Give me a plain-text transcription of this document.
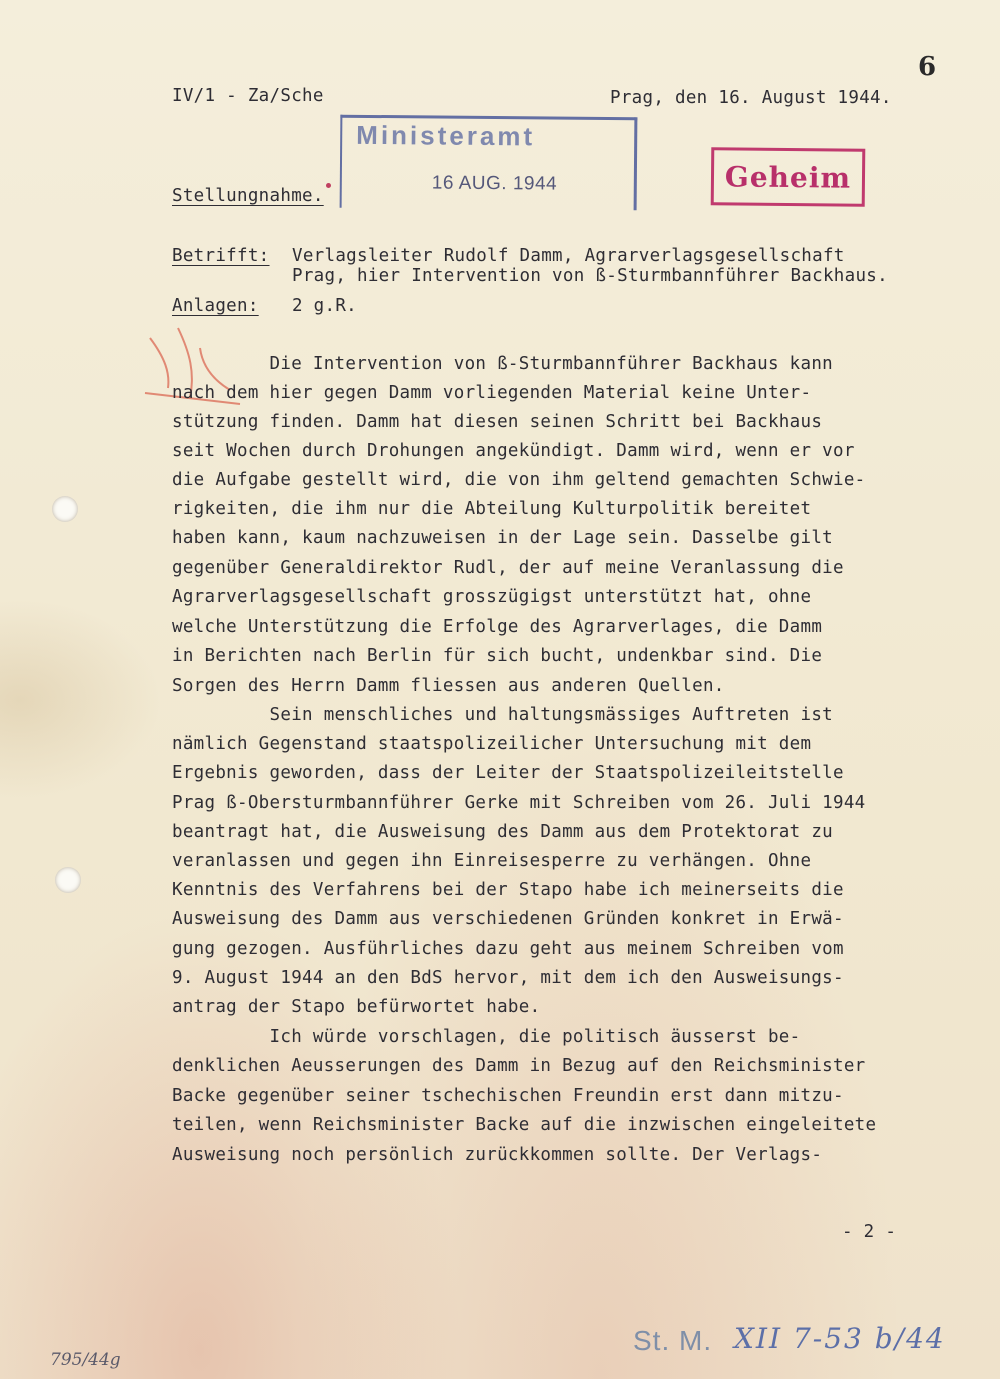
6
IV/1 - Za/Sche	Prag, den 16. August 1944.
Ministeramt
16 AUG. 1944	Geheim
Stellungnahme.
Betrifft: Verlagsleiter Rudolf Damm, Agrarverlagsgesellschaft
Prag, hier Intervention von ß-Sturmbannführer Backhaus.
Anlagen: 2 g.R.
Die Intervention von ß-Sturmbannführer Backhaus kann
nach dem hier gegen Damm vorliegenden Material keine Unter-
stützung finden. Damm hat diesen seinen Schritt bei Backhaus
seit Wochen durch Drohungen angekündigt. Damm wird, wenn er vor
die Aufgabe gestellt wird, die von ihm geltend gemachten Schwie-
rigkeiten, die ihm nur die Abteilung Kulturpolitik bereitet
haben kann, kaum nachzuweisen in der Lage sein. Dasselbe gilt
gegenüber Generaldirektor Rudl, der auf meine Veranlassung die
Agrarverlagsgesellschaft grosszügigst unterstützt hat, ohne
welche Unterstützung die Erfolge des Agrarverlages, die Damm
in Berichten nach Berlin für sich bucht, undenkbar sind. Die
Sorgen des Herrn Damm fliessen aus anderen Quellen.
Sein menschliches und haltungsmässiges Auftreten ist
nämlich Gegenstand staatspolizeilicher Untersuchung mit dem
Ergebnis geworden, dass der Leiter der Staatspolizeileitstelle
Prag ß-Obersturmbannführer Gerke mit Schreiben vom 26. Juli 1944
beantragt hat, die Ausweisung des Damm aus dem Protektorat zu
veranlassen und gegen ihn Einreisesperre zu verhängen. Ohne
Kenntnis des Verfahrens bei der Stapo habe ich meinerseits die
Ausweisung des Damm aus verschiedenen Gründen konkret in Erwä-
gung gezogen. Ausführliches dazu geht aus meinem Schreiben vom
9. August 1944 an den BdS hervor, mit dem ich den Ausweisungs-
antrag der Stapo befürwortet habe.
Ich würde vorschlagen, die politisch äusserst be-
denklichen Aeusserungen des Damm in Bezug auf den Reichsminister
Backe gegenüber seiner tschechischen Freundin erst dann mitzu-
teilen, wenn Reichsminister Backe auf die inzwischen eingeleitete
Ausweisung noch persönlich zurückkommen sollte. Der Verlags-
- 2 -
St. M. XII 7-53 b/44
795/44g
